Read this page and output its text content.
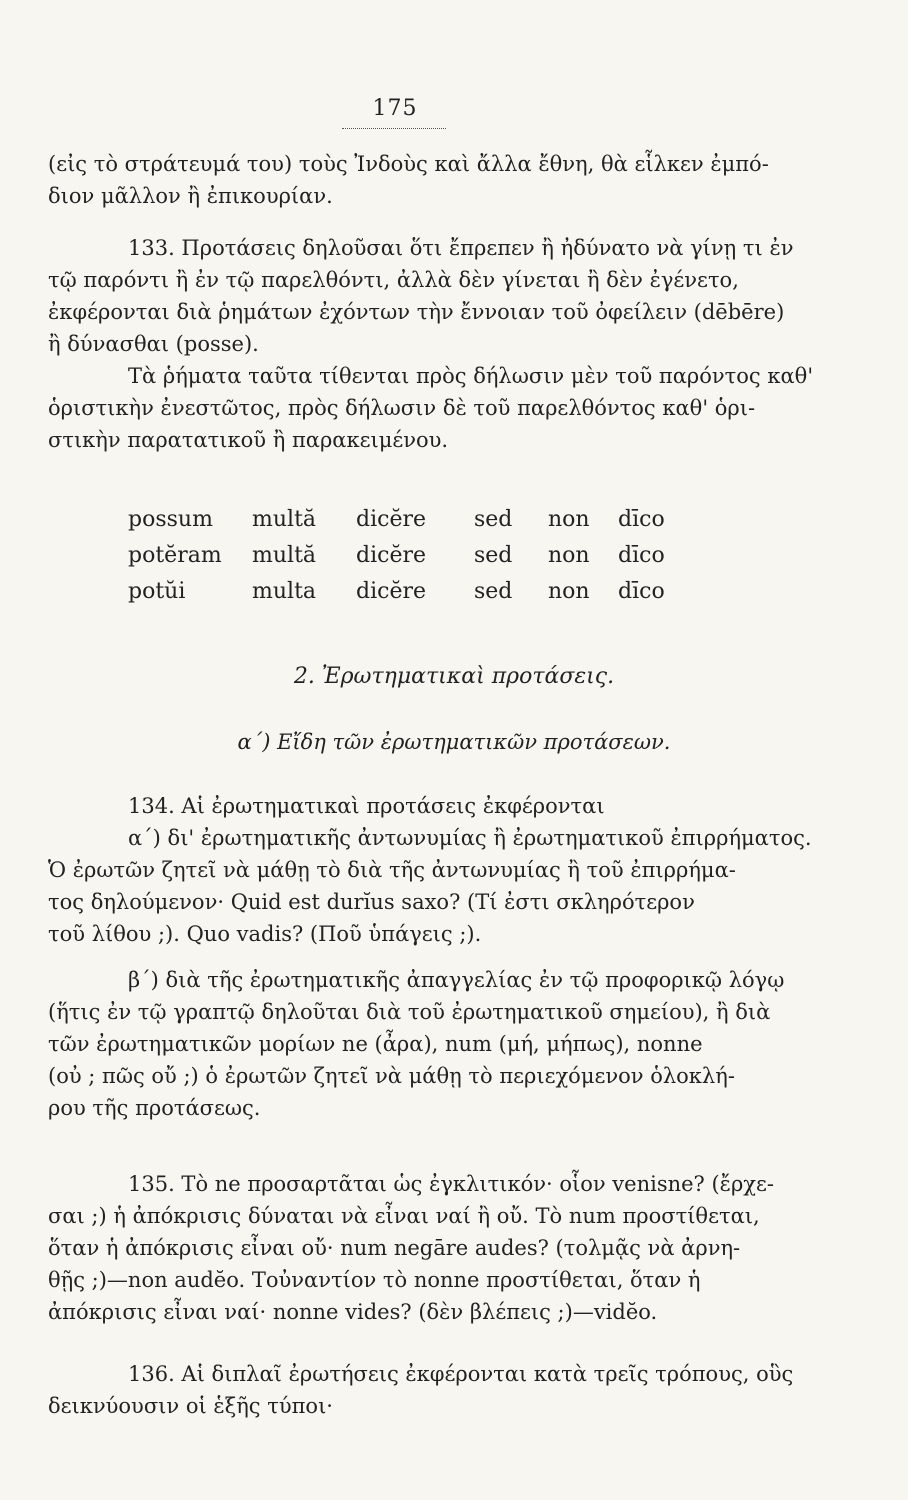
175
(εἰς τὸ στράτευμά του) τοὺς Ἰνδοὺς καὶ ἄλλα ἔθνη, θὰ εἷλκεν ἐμπό-
διον μᾶλλον ἢ ἐπικουρίαν.
133. Προτάσεις δηλοῦσαι ὅτι ἔπρεπεν ἢ ἠδύνατο νὰ γίνῃ τι ἐν
τῷ παρόντι ἢ ἐν τῷ παρελθόντι, ἀλλὰ δὲν γίνεται ἢ δὲν ἐγένετο,
ἐκφέρονται διὰ ῥημάτων ἐχόντων τὴν ἔννοιαν τοῦ ὀφείλειν (dēbēre)
ἢ δύνασθαι (posse).
Τὰ ῥήματα ταῦτα τίθενται πρὸς δήλωσιν μὲν τοῦ παρόντος καθ'
ὁριστικὴν ἐνεστῶτος, πρὸς δήλωσιν δὲ τοῦ παρελθόντος καθ' ὁρι-
στικὴν παρατατικοῦ ἢ παρακειμένου.
possum multă dicĕre sed non dīco
potĕram multă dicĕre sed non dīco
potŭi	multa dicĕre sed non dīco
2. Ἐρωτηματικαὶ προτάσεις.
α΄) Εἴδη τῶν ἐρωτηματικῶν προτάσεων.
134. Αἱ ἐρωτηματικαὶ προτάσεις ἐκφέρονται
α΄) δι' ἐρωτηματικῆς ἀντωνυμίας ἢ ἐρωτηματικοῦ ἐπιρρήματος.
Ὁ ἐρωτῶν ζητεῖ νὰ μάθῃ τὸ διὰ τῆς ἀντωνυμίας ἢ τοῦ ἐπιρρήμα-
τος δηλούμενον· Quid est durĭus saxo? (Τί ἐστι σκληρότερον
τοῦ λίθου ;). Quo vadis? (Ποῦ ὑπάγεις ;).
β΄) διὰ τῆς ἐρωτηματικῆς ἀπαγγελίας ἐν τῷ προφορικῷ λόγῳ
(ἥτις ἐν τῷ γραπτῷ δηλοῦται διὰ τοῦ ἐρωτηματικοῦ σημείου), ἢ διὰ
τῶν ἐρωτηματικῶν μορίων ne (ἆρα), num (μή, μήπως), nonne
(οὐ ; πῶς οὔ ;) ὁ ἐρωτῶν ζητεῖ νὰ μάθῃ τὸ περιεχόμενον ὁλοκλή-
ρου τῆς προτάσεως.
135. Τὸ ne προσαρτᾶται ὡς ἐγκλιτικόν· οἷον venisne? (ἔρχε-
σαι ;) ἡ ἀπόκρισις δύναται νὰ εἶναι ναί ἢ οὔ. Τὸ num προστίθεται,
ὅταν ἡ ἀπόκρισις εἶναι οὔ· num negāre audes? (τολμᾷς νὰ ἀρνη-
θῇς ;)—non audĕo. Τοὐναντίον τὸ nonne προστίθεται, ὅταν ἡ
ἀπόκρισις εἶναι ναί· nonne vides? (δὲν βλέπεις ;)—vidĕo.
136. Αἱ διπλαῖ ἐρωτήσεις ἐκφέρονται κατὰ τρεῖς τρόπους, οὓς
δεικνύουσιν οἱ ἑξῆς τύποι·
